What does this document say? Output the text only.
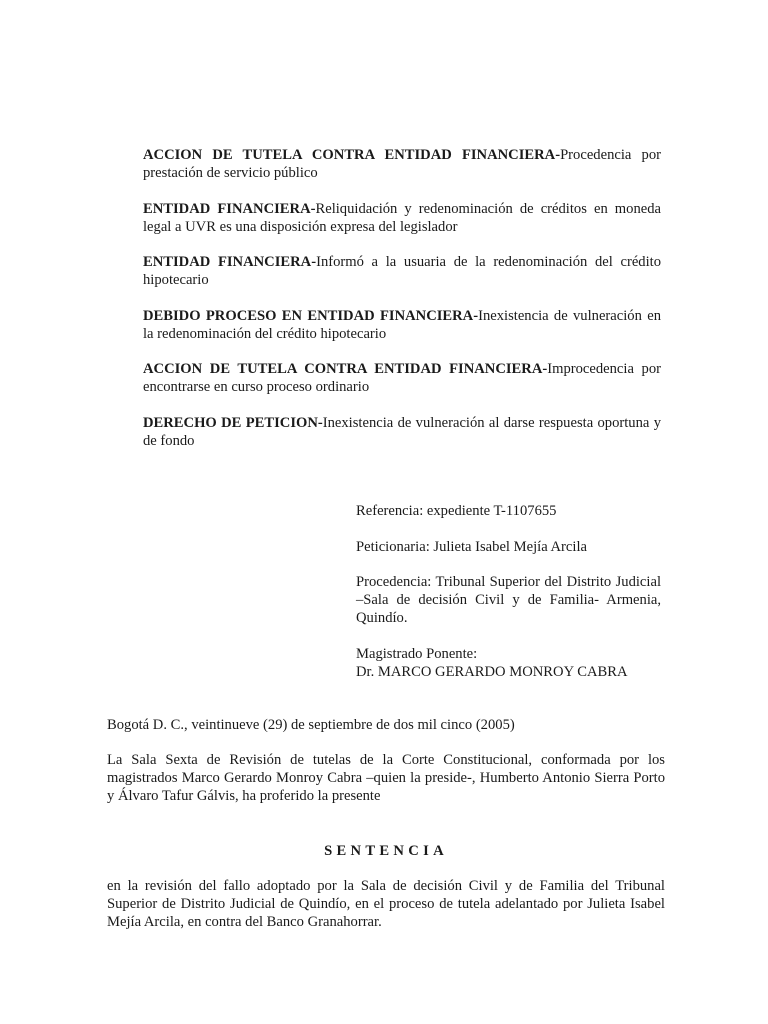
ACCION DE TUTELA CONTRA ENTIDAD FINANCIERA-Procedencia por prestación de servicio público

ENTIDAD FINANCIERA-Reliquidación y redenominación de créditos en moneda legal a UVR es una disposición expresa del legislador

ENTIDAD FINANCIERA-Informó a la usuaria de la redenominación del crédito hipotecario

DEBIDO PROCESO EN ENTIDAD FINANCIERA-Inexistencia de vulneración en la redenominación del crédito hipotecario

ACCION DE TUTELA CONTRA ENTIDAD FINANCIERA-Improcedencia por encontrarse en curso proceso ordinario

DERECHO DE PETICION-Inexistencia de vulneración al darse respuesta oportuna y de fondo

Referencia: expediente T-1107655

Peticionaria: Julieta Isabel Mejía Arcila

Procedencia: Tribunal Superior del Distrito Judicial –Sala de decisión Civil y de Familia- Armenia, Quindío.

Magistrado Ponente:
Dr. MARCO GERARDO MONROY CABRA

Bogotá D. C., veintinueve (29) de septiembre de dos mil cinco (2005)

La Sala Sexta de Revisión de tutelas de la Corte Constitucional, conformada por los magistrados Marco Gerardo Monroy Cabra –quien la preside-, Humberto Antonio Sierra Porto y Álvaro Tafur Gálvis, ha proferido la presente

SENTENCIA

en la revisión del fallo adoptado por la Sala de decisión Civil y de Familia del Tribunal Superior de Distrito Judicial de Quindío, en el proceso de tutela adelantado por Julieta Isabel Mejía Arcila, en contra del Banco Granahorrar.
